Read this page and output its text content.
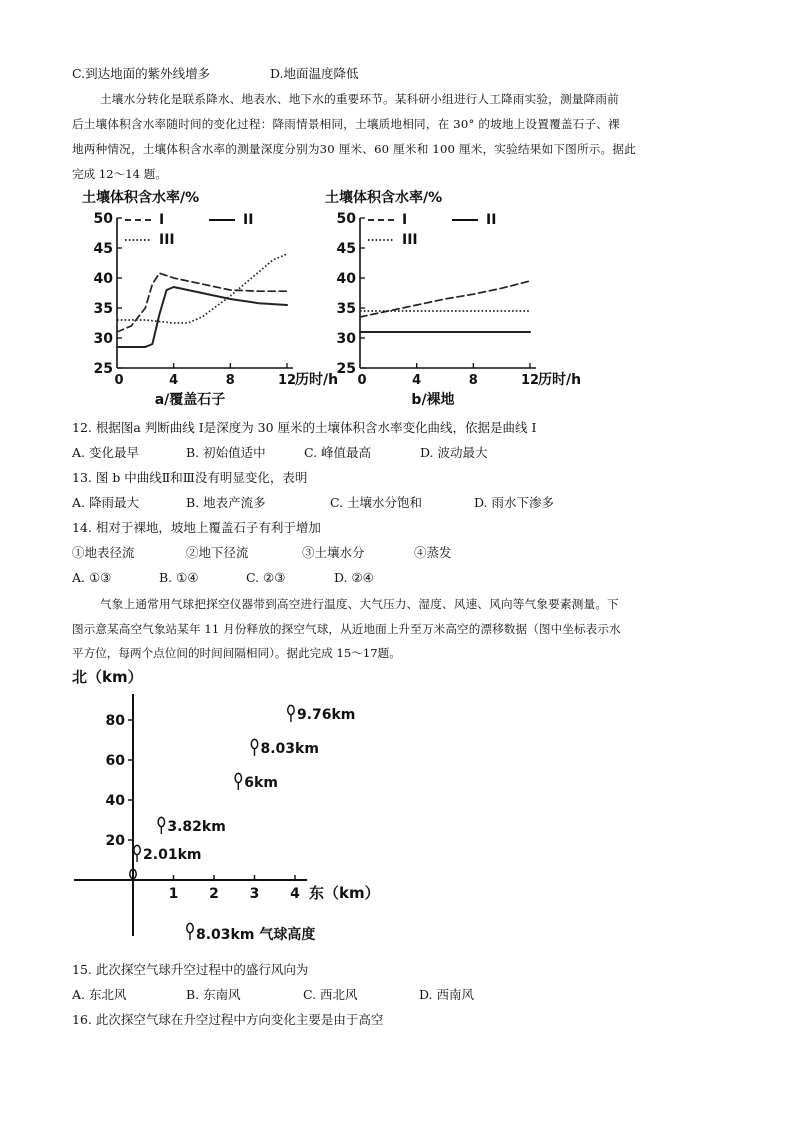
C.到达地面的紫外线增多	D.地面温度降低
土壤水分转化是联系降水、地表水、地下水的重要环节。某科研小组进行人工降雨实验，测量降雨前
后土壤体积含水率随时间的变化过程：降雨情景相同，土壤质地相同，在 30° 的坡地上设置覆盖石子、裸
地两种情况，土壤体积含水率的测量深度分别为30 厘米、60 厘米和 100 厘米，实验结果如下图所示。据此
完成 12～14 题。
土壤体积含水率/%
50
45
40
35
30
25
0	4	8	12
历时/h
I	II
III
a/覆盖石子
土壤体积含水率/%
50
45
40
35
30
25
0	4	8	12
历时/h
I	II
III
b/裸地
12. 根据图a 判断曲线 Ⅰ是深度为 30 厘米的土壤体积含水率变化曲线，依据是曲线 Ⅰ
A. 变化最早	B. 初始值适中	C. 峰值最高	D. 波动最大
13. 图 b 中曲线Ⅱ和Ⅲ没有明显变化，表明
A. 降雨最大	B. 地表产流多	C. 土壤水分饱和	D. 雨水下渗多
14. 相对于裸地，坡地上覆盖石子有利于增加
①地表径流	②地下径流	③土壤水分	④蒸发
A. ①③	B. ①④	C. ②③	D. ②④
气象上通常用气球把探空仪器带到高空进行温度、大气压力、湿度、风速、风向等气象要素测量。下
图示意某高空气象站某年 11 月份释放的探空气球，从近地面上升至万米高空的漂移数据（图中坐标表示水
平方位，每两个点位间的时间间隔相同）。据此完成 15～17题。
北（km）
80
60
40
20
1 2 3 4 东（km）
2.01km
3.82km
6km
8.03km
9.76km
8.03km 气球高度
15. 此次探空气球升空过程中的盛行风向为
A. 东北风	B. 东南风	C. 西北风	D. 西南风
16. 此次探空气球在升空过程中方向变化主要是由于高空
